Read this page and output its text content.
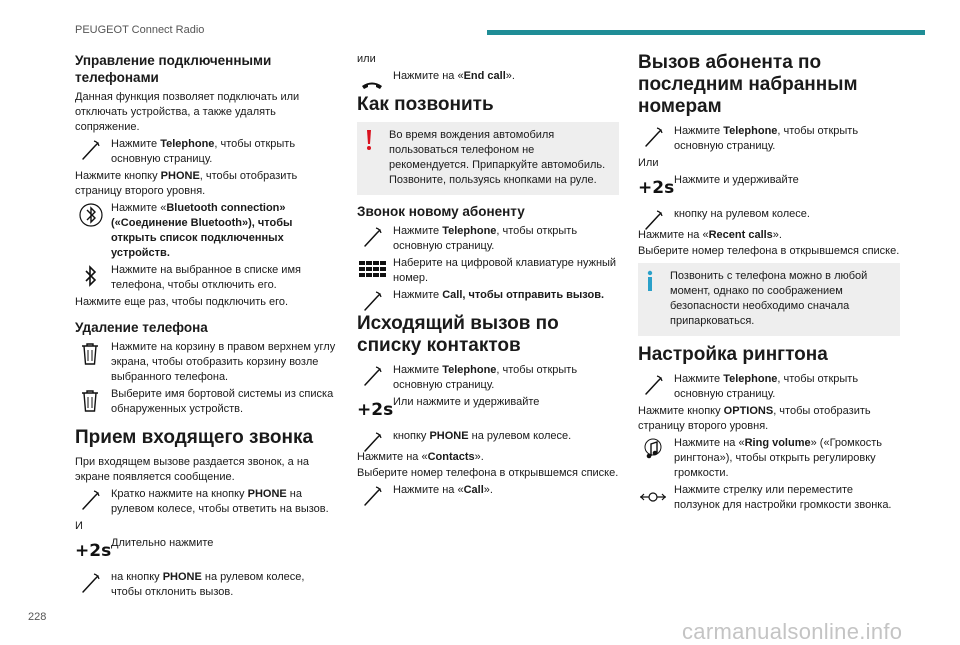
PEUGEOT Connect Radio
Управление подключенными телефонами
Данная функция позволяет подключать или отключать устройства, а также удалять сопряжение.
Нажмите Telephone, чтобы открыть основную страницу.
Нажмите кнопку PHONE, чтобы отобразить страницу второго уровня.
Нажмите «Bluetooth connection» («Соединение Bluetooth»), чтобы открыть список подключенных устройств.
Нажмите на выбранное в списке имя телефона, чтобы отключить его.
Нажмите еще раз, чтобы подключить его.
Удаление телефона
Нажмите на корзину в правом верхнем углу экрана, чтобы отобразить корзину возле выбранного телефона.
Выберите имя бортовой системы из списка обнаруженных устройств.
Прием входящего звонка
При входящем вызове раздается звонок, а на экране появляется сообщение.
Кратко нажмите на кнопку PHONE на рулевом колесе, чтобы ответить на вызов.
И
+2s Длительно нажмите
на кнопку PHONE на рулевом колесе, чтобы отклонить вызов.
или
Нажмите на «End call».
Как позвонить
Во время вождения автомобиля пользоваться телефоном не рекомендуется. Припаркуйте автомобиль. Позвоните, пользуясь кнопками на руле.
Звонок новому абоненту
Нажмите Telephone, чтобы открыть основную страницу.
Наберите на цифровой клавиатуре нужный номер.
Нажмите Call, чтобы отправить вызов.
Исходящий вызов по списку контактов
Нажмите Telephone, чтобы открыть основную страницу.
+2s Или нажмите и удерживайте
кнопку PHONE на рулевом колесе.
Нажмите на «Contacts».
Выберите номер телефона в открывшемся списке.
Нажмите на «Call».
Вызов абонента по последним набранным номерам
Нажмите Telephone, чтобы открыть основную страницу.
Или
+2s Нажмите и удерживайте
кнопку на рулевом колесе.
Нажмите на «Recent calls».
Выберите номер телефона в открывшемся списке.
Позвонить с телефона можно в любой момент, однако по соображением безопасности необходимо сначала припарковаться.
Настройка рингтона
Нажмите Telephone, чтобы открыть основную страницу.
Нажмите кнопку OPTIONS, чтобы отобразить страницу второго уровня.
Нажмите на «Ring volume» («Громкость рингтона»), чтобы открыть регулировку громкости.
Нажмите стрелку или переместите ползунок для настройки громкости звонка.
228
carmanualsonline.info
